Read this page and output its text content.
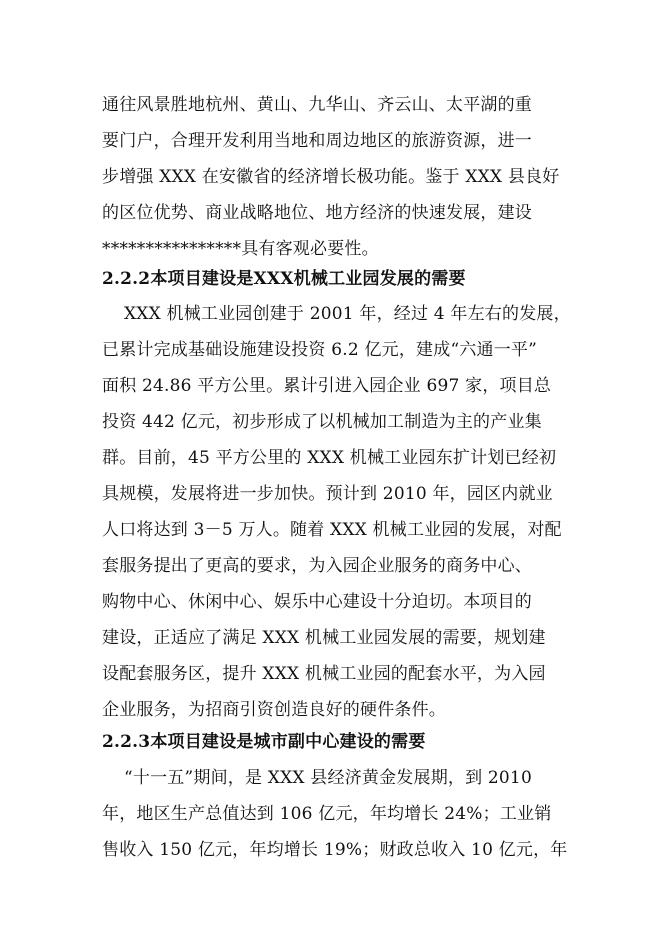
通往风景胜地杭州、黄山、九华山、齐云山、太平湖的重
要门户，合理开发利用当地和周边地区的旅游资源，进一
步增强 XXX 在安徽省的经济增长极功能。鉴于 XXX 县良好
的区位优势、商业战略地位、地方经济的快速发展，建设
****************具有客观必要性。
2.2.2本项目建设是XXX机械工业园发展的需要
XXX 机械工业园创建于 2001 年，经过 4 年左右的发展，
已累计完成基础设施建设投资 6.2 亿元，建成“六通一平”
面积 24.86 平方公里。累计引进入园企业 697 家，项目总
投资 442 亿元，初步形成了以机械加工制造为主的产业集
群。目前，45 平方公里的 XXX 机械工业园东扩计划已经初
具规模，发展将进一步加快。预计到 2010 年，园区内就业
人口将达到 3－5 万人。随着 XXX 机械工业园的发展，对配
套服务提出了更高的要求，为入园企业服务的商务中心、
购物中心、休闲中心、娱乐中心建设十分迫切。本项目的
建设，正适应了满足 XXX 机械工业园发展的需要，规划建
设配套服务区，提升 XXX 机械工业园的配套水平，为入园
企业服务，为招商引资创造良好的硬件条件。
2.2.3本项目建设是城市副中心建设的需要
“十一五”期间，是 XXX 县经济黄金发展期，到 2010
年，地区生产总值达到 106 亿元，年均增长 24%；工业销
售收入 150 亿元，年均增长 19%；财政总收入 10 亿元，年
